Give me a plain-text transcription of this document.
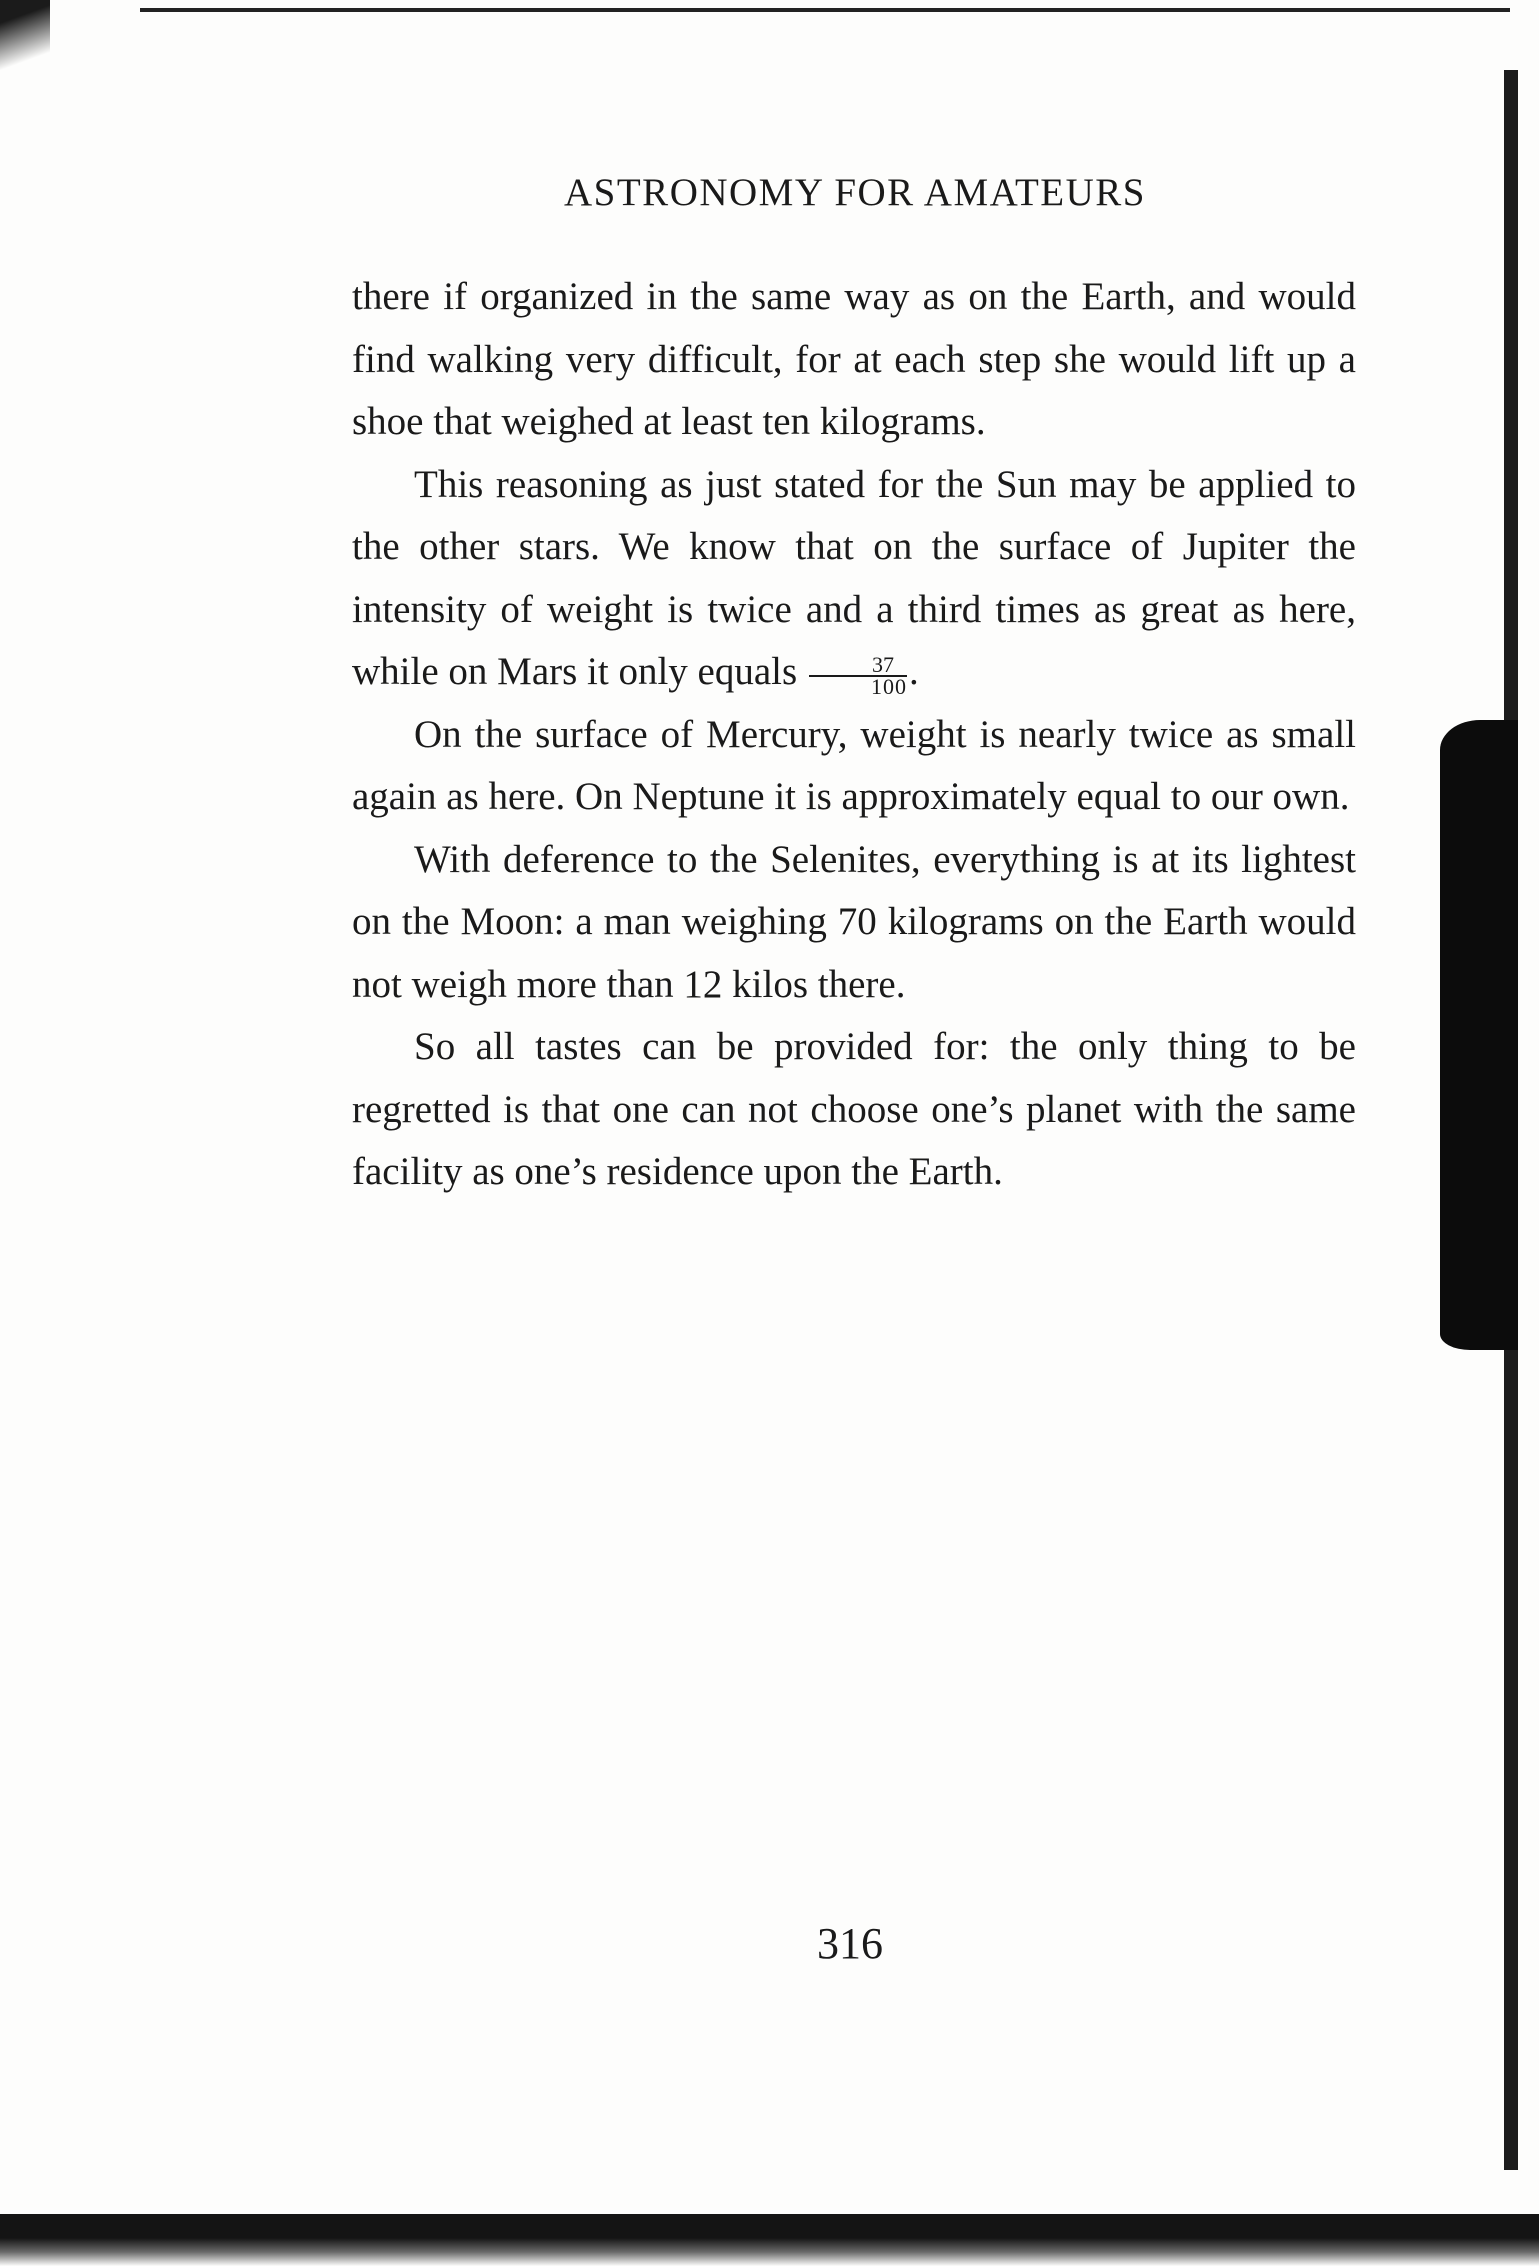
ASTRONOMY FOR AMATEURS

there if organized in the same way as on the Earth, and would find walking very difficult, for at each step she would lift up a shoe that weighed at least ten kilograms.

This reasoning as just stated for the Sun may be applied to the other stars. We know that on the surface of Jupiter the intensity of weight is twice and a third times as great as here, while on Mars it only equals $\frac{37}{100}$ .

On the surface of Mercury, weight is nearly twice as small again as here. On Neptune it is approximately equal to our own.

With deference to the Selenites, everything is at its lightest on the Moon: a man weighing 70 kilograms on the Earth would not weigh more than 12 kilos there.

So all tastes can be provided for: the only thing to be regretted is that one can not choose one’s planet with the same facility as one’s residence upon the Earth.

316
